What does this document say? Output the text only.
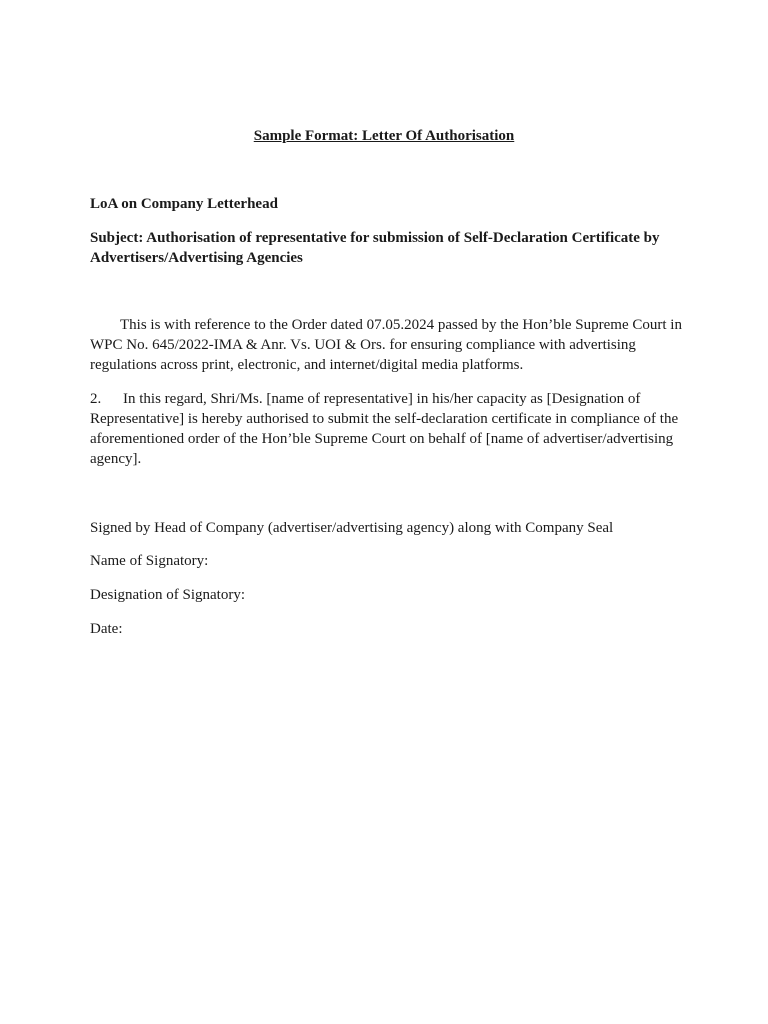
Sample Format: Letter Of Authorisation
LoA on Company Letterhead
Subject: Authorisation of representative for submission of Self-Declaration Certificate by Advertisers/Advertising Agencies
This is with reference to the Order dated 07.05.2024 passed by the Hon’ble Supreme Court in WPC No. 645/2022-IMA & Anr. Vs. UOI & Ors. for ensuring compliance with advertising regulations across print, electronic, and internet/digital media platforms.
2. In this regard, Shri/Ms. [name of representative] in his/her capacity as [Designation of Representative] is hereby authorised to submit the self-declaration certificate in compliance of the aforementioned order of the Hon’ble Supreme Court on behalf of [name of advertiser/advertising agency].
Signed by Head of Company (advertiser/advertising agency) along with Company Seal
Name of Signatory:
Designation of Signatory:
Date:
